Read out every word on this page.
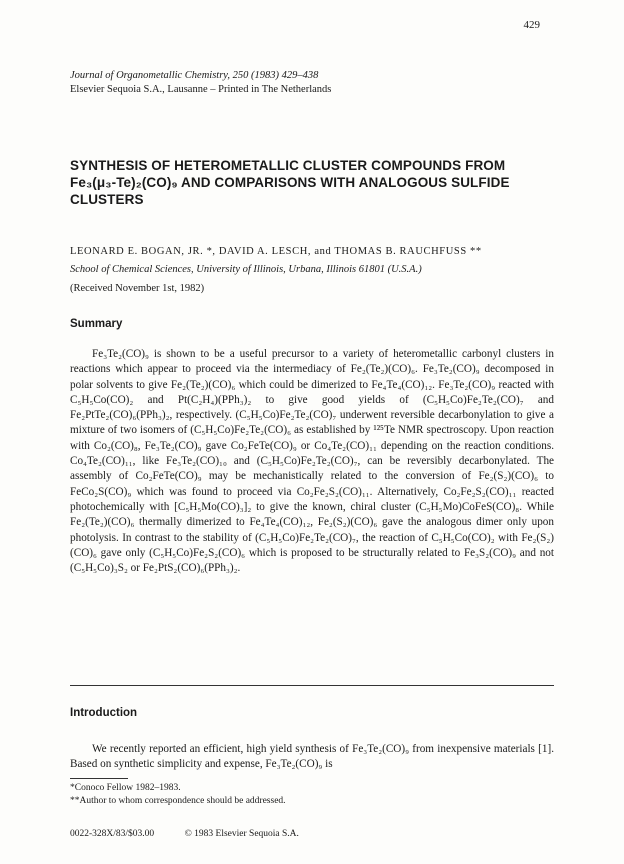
429
Journal of Organometallic Chemistry, 250 (1983) 429–438
Elsevier Sequoia S.A., Lausanne – Printed in The Netherlands
SYNTHESIS OF HETEROMETALLIC CLUSTER COMPOUNDS FROM Fe₃(μ₃-Te)₂(CO)₉ AND COMPARISONS WITH ANALOGOUS SULFIDE CLUSTERS
LEONARD E. BOGAN, JR. *, DAVID A. LESCH, and THOMAS B. RAUCHFUSS **
School of Chemical Sciences, University of Illinois, Urbana, Illinois 61801 (U.S.A.)
(Received November 1st, 1982)
Summary

Fe₃Te₂(CO)₉ is shown to be a useful precursor to a variety of heterometallic carbonyl clusters in reactions which appear to proceed via the intermediacy of Fe₂(Te₂)(CO)₆. Fe₃Te₂(CO)₉ decomposed in polar solvents to give Fe₂(Te₂)(CO)₆ which could be dimerized to Fe₄Te₄(CO)₁₂. Fe₃Te₂(CO)₉ reacted with C₅H₅Co(CO)₂ and Pt(C₂H₄)(PPh₃)₂ to give good yields of (C₅H₅Co)Fe₂Te₂(CO)₇ and Fe₂PtTe₂(CO)₆(PPh₃)₂, respectively. (C₅H₅Co)Fe₂Te₂(CO)₇ underwent reversible decarbonylation to give a mixture of two isomers of (C₅H₅Co)Fe₂Te₂(CO)₆ as established by ¹²⁵Te NMR spectroscopy. Upon reaction with Co₂(CO)₈, Fe₃Te₂(CO)₉ gave Co₂FeTe(CO)₉ or Co₄Te₂(CO)₁₁ depending on the reaction conditions. Co₄Te₂(CO)₁₁, like Fe₃Te₂(CO)₁₀ and (C₅H₅Co)Fe₂Te₂(CO)₇, can be reversibly decarbonylated. The assembly of Co₂FeTe(CO)₉ may be mechanistically related to the conversion of Fe₂(S₂)(CO)₆ to FeCo₂S(CO)₉ which was found to proceed via Co₂Fe₂S₂(CO)₁₁. Alternatively, Co₂Fe₂S₂(CO)₁₁ reacted photochemically with [C₅H₅Mo(CO)₃]₂ to give the known, chiral cluster (C₅H₅Mo)CoFeS(CO)₈. While Fe₂(Te₂)(CO)₆ thermally dimerized to Fe₄Te₄(CO)₁₂, Fe₂(S₂)(CO)₆ gave the analogous dimer only upon photolysis. In contrast to the stability of (C₅H₅Co)Fe₂Te₂(CO)₇, the reaction of C₅H₅Co(CO)₂ with Fe₂(S₂)(CO)₆ gave only (C₅H₅Co)Fe₂S₂(CO)₆ which is proposed to be structurally related to Fe₃S₂(CO)₉ and not (C₅H₅Co)₃S₂ or Fe₂PtS₂(CO)₆(PPh₃)₂.

Introduction

We recently reported an efficient, high yield synthesis of Fe₃Te₂(CO)₉ from inexpensive materials [1]. Based on synthetic simplicity and expense, Fe₃Te₂(CO)₉ is

*Conoco Fellow 1982–1983.
**Author to whom correspondence should be addressed.
0022-328X/83/$03.00	© 1983 Elsevier Sequoia S.A.
